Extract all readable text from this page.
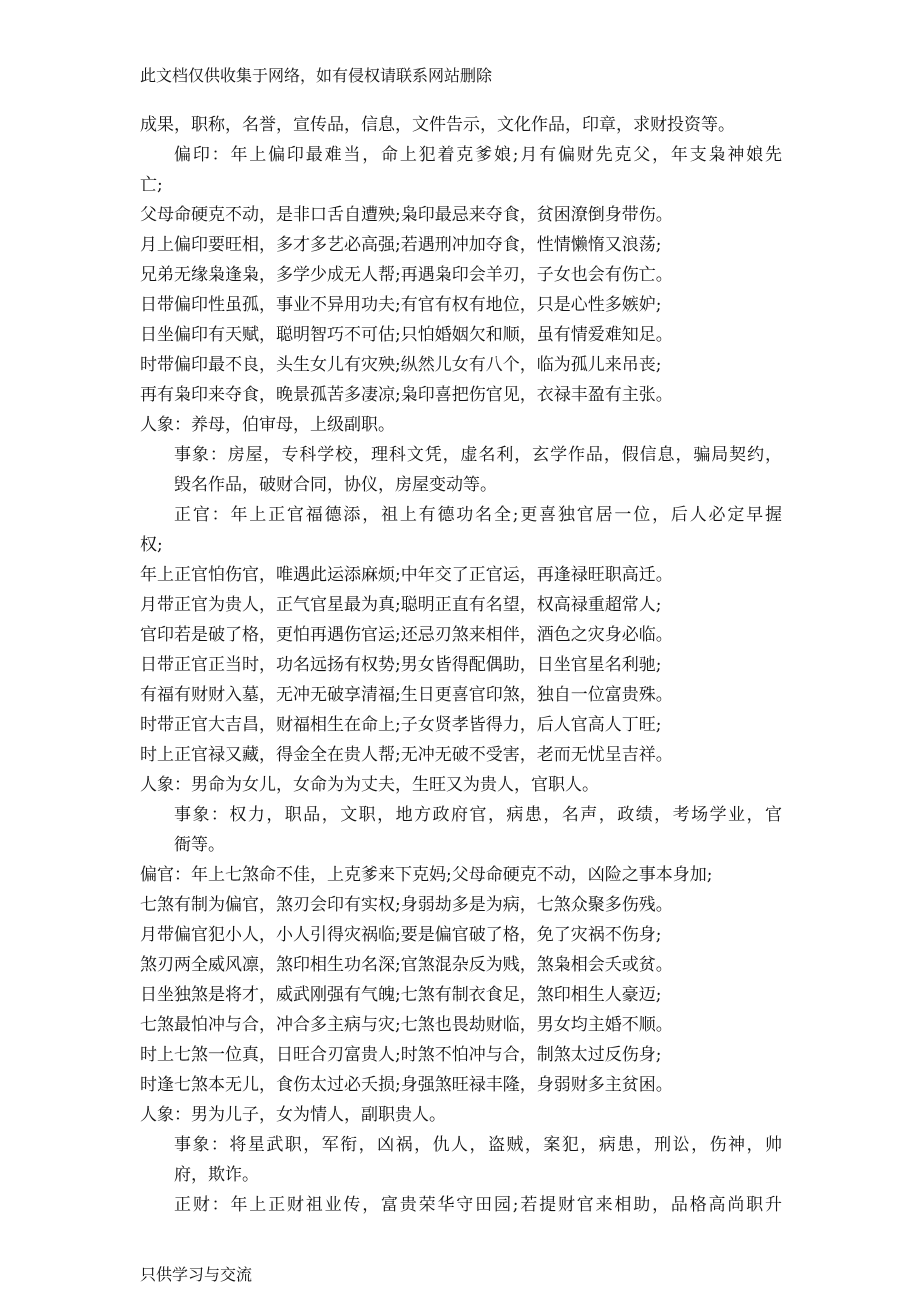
此文档仅供收集于网络，如有侵权请联系网站删除
成果，职称，名誉，宣传品，信息，文件告示，文化作品，印章，求财投资等。
偏印：年上偏印最难当，命上犯着克爹娘;月有偏财先克父，年支枭神娘先
亡;
父母命硬克不动，是非口舌自遭殃;枭印最忌来夺食，贫困潦倒身带伤。
月上偏印要旺相，多才多艺必高强;若遇刑冲加夺食，性情懒惰又浪荡;
兄弟无缘枭逢枭，多学少成无人帮;再遇枭印会羊刃，子女也会有伤亡。
日带偏印性虽孤，事业不异用功夫;有官有权有地位，只是心性多嫉妒;
日坐偏印有天赋，聪明智巧不可估;只怕婚姻欠和顺，虽有情爱难知足。
时带偏印最不良，头生女儿有灾殃;纵然儿女有八个，临为孤儿来吊丧;
再有枭印来夺食，晚景孤苦多凄凉;枭印喜把伤官见，衣禄丰盈有主张。
人象：养母，伯审母，上级副职。
事象：房屋，专科学校，理科文凭，虚名利，玄学作品，假信息，骗局契约，
毁名作品，破财合同，协仪，房屋变动等。
正官：年上正官福德添，祖上有德功名全;更喜独官居一位，后人必定早握
权;
年上正官怕伤官，唯遇此运添麻烦;中年交了正官运，再逢禄旺职高迁。
月带正官为贵人，正气官星最为真;聪明正直有名望，权高禄重超常人;
官印若是破了格，更怕再遇伤官运;还忌刃煞来相伴，酒色之灾身必临。
日带正官正当时，功名远扬有权势;男女皆得配偶助，日坐官星名利驰;
有福有财财入墓，无冲无破享清福;生日更喜官印煞，独自一位富贵殊。
时带正官大吉昌，财福相生在命上;子女贤孝皆得力，后人官高人丁旺;
时上正官禄又藏，得金全在贵人帮;无冲无破不受害，老而无忧呈吉祥。
人象：男命为女儿，女命为为丈夫，生旺又为贵人，官职人。
事象：权力，职品，文职，地方政府官，病患，名声，政绩，考场学业，官
衙等。
偏官：年上七煞命不佳，上克爹来下克妈;父母命硬克不动，凶险之事本身加;
七煞有制为偏官，煞刃会印有实权;身弱劫多是为病，七煞众聚多伤残。
月带偏官犯小人，小人引得灾祸临;要是偏官破了格，免了灾祸不伤身;
煞刃两全威风凛，煞印相生功名深;官煞混杂反为贱，煞枭相会夭或贫。
日坐独煞是将才，威武刚强有气魄;七煞有制衣食足，煞印相生人豪迈;
七煞最怕冲与合，冲合多主病与灾;七煞也畏劫财临，男女均主婚不顺。
时上七煞一位真，日旺合刃富贵人;时煞不怕冲与合，制煞太过反伤身;
时逢七煞本无儿，食伤太过必夭损;身强煞旺禄丰隆，身弱财多主贫困。
人象：男为儿子，女为情人，副职贵人。
事象：将星武职，军衔，凶祸，仇人，盗贼，案犯，病患，刑讼，伤神，帅
府，欺诈。
正财：年上正财祖业传，富贵荣华守田园;若提财官来相助，品格高尚职升
只供学习与交流
